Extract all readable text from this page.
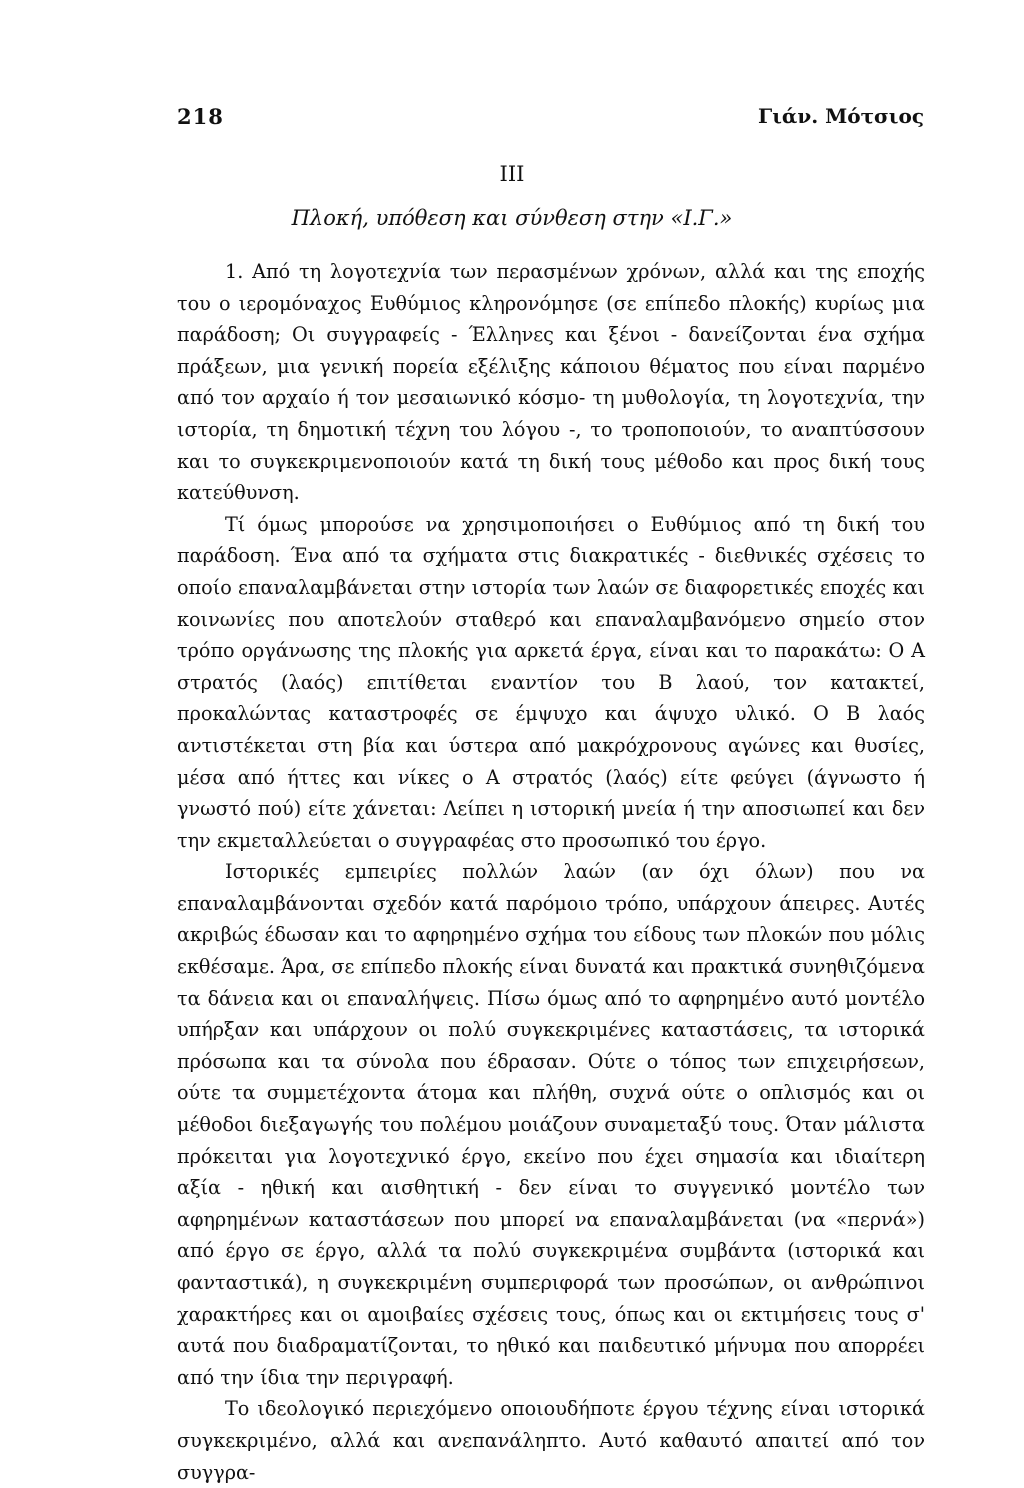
218	Γιάν. Μότσιος
III
Πλοκή, υπόθεση και σύνθεση στην «Ι.Γ.»

1. Από τη λογοτεχνία των περασμένων χρόνων, αλλά και της εποχής του ο ιερομόναχος Ευθύμιος κληρονόμησε (σε επίπεδο πλοκής) κυρίως μια παράδοση; Οι συγγραφείς - Έλληνες και ξένοι - δανείζονται ένα σχήμα πράξεων, μια γενική πορεία εξέλιξης κάποιου θέματος που είναι παρμένο από τον αρχαίο ή τον μεσαιωνικό κόσμο- τη μυθολογία, τη λογοτεχνία, την ιστορία, τη δημοτική τέχνη του λόγου -, το τροποποιούν, το αναπτύσσουν και το συγκεκριμενοποιούν κατά τη δική τους μέθοδο και προς δική τους κατεύθυνση.

Τί όμως μπορούσε να χρησιμοποιήσει ο Ευθύμιος από τη δική του παράδοση. Ένα από τα σχήματα στις διακρατικές - διεθνικές σχέσεις το οποίο επαναλαμβάνεται στην ιστορία των λαών σε διαφορετικές εποχές και κοινωνίες που αποτελούν σταθερό και επαναλαμβανόμενο σημείο στον τρόπο οργάνωσης της πλοκής για αρκετά έργα, είναι και το παρακάτω: Ο Α στρατός (λαός) επιτίθεται εναντίον του Β λαού, τον κατακτεί, προκαλώντας καταστροφές σε έμψυχο και άψυχο υλικό. Ο Β λαός αντιστέκεται στη βία και ύστερα από μακρόχρονους αγώνες και θυσίες, μέσα από ήττες και νίκες ο Α στρατός (λαός) είτε φεύγει (άγνωστο ή γνωστό πού) είτε χάνεται: Λείπει η ιστορική μνεία ή την αποσιωπεί και δεν την εκμεταλλεύεται ο συγγραφέας στο προσωπικό του έργο.

Ιστορικές εμπειρίες πολλών λαών (αν όχι όλων) που να επαναλαμβάνονται σχεδόν κατά παρόμοιο τρόπο, υπάρχουν άπειρες. Αυτές ακριβώς έδωσαν και το αφηρημένο σχήμα του είδους των πλοκών που μόλις εκθέσαμε. Άρα, σε επίπεδο πλοκής είναι δυνατά και πρακτικά συνηθιζόμενα τα δάνεια και οι επαναλήψεις. Πίσω όμως από το αφηρημένο αυτό μοντέλο υπήρξαν και υπάρχουν οι πολύ συγκεκριμένες καταστάσεις, τα ιστορικά πρόσωπα και τα σύνολα που έδρασαν. Ούτε ο τόπος των επιχειρήσεων, ούτε τα συμμετέχοντα άτομα και πλήθη, συχνά ούτε ο οπλισμός και οι μέθοδοι διεξαγωγής του πολέμου μοιάζουν συναμεταξύ τους. Όταν μάλιστα πρόκειται για λογοτεχνικό έργο, εκείνο που έχει σημασία και ιδιαίτερη αξία - ηθική και αισθητική - δεν είναι το συγγενικό μοντέλο των αφηρημένων καταστάσεων που μπορεί να επαναλαμβάνεται (να «περνά») από έργο σε έργο, αλλά τα πολύ συγκεκριμένα συμβάντα (ιστορικά και φανταστικά), η συγκεκριμένη συμπεριφορά των προσώπων, οι ανθρώπινοι χαρακτήρες και οι αμοιβαίες σχέσεις τους, όπως και οι εκτιμήσεις τους σ' αυτά που διαδραματίζονται, το ηθικό και παιδευτικό μήνυμα που απορρέει από την ίδια την περιγραφή.

Το ιδεολογικό περιεχόμενο οποιουδήποτε έργου τέχνης είναι ιστορικά συγκεκριμένο, αλλά και ανεπανάληπτο. Αυτό καθαυτό απαιτεί από τον συγγρα-
